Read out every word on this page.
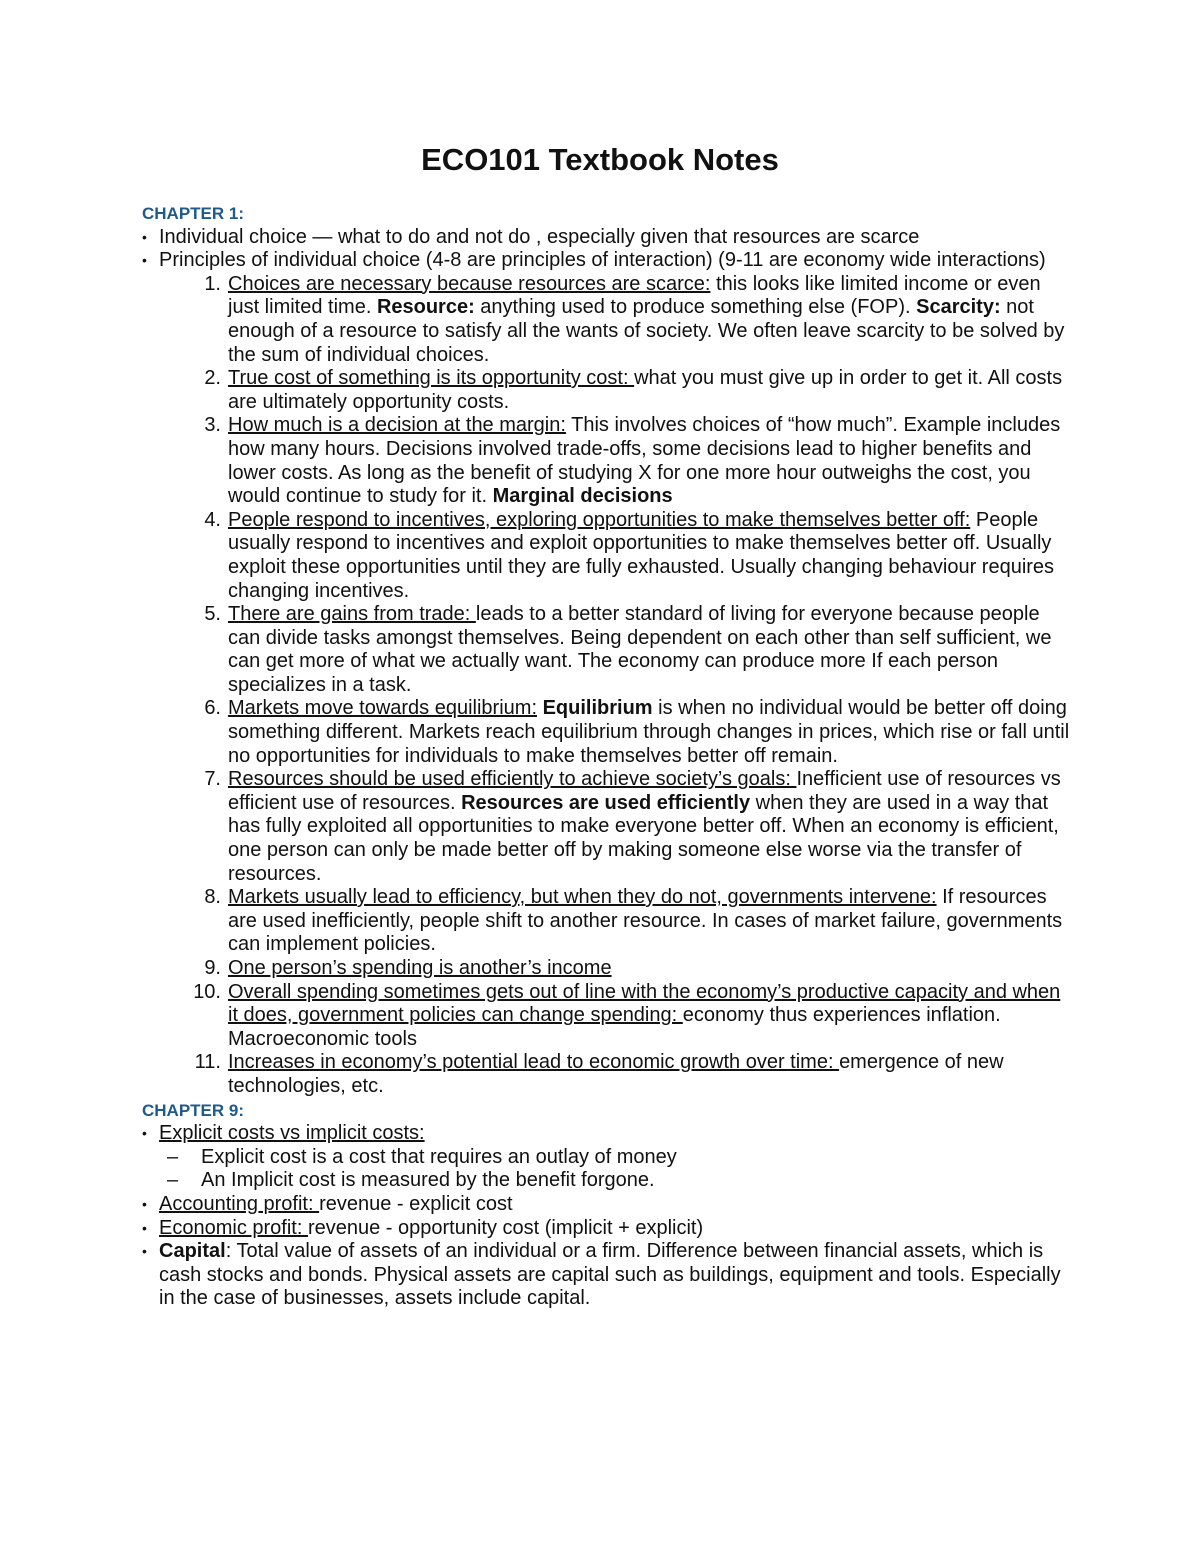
ECO101 Textbook Notes
CHAPTER 1:
• Individual choice — what to do and not do , especially given that resources are scarce
• Principles of individual choice (4-8 are principles of interaction) (9-11 are economy wide interactions)
1. Choices are necessary because resources are scarce: this looks like limited income or even just limited time. Resource: anything used to produce something else (FOP). Scarcity: not enough of a resource to satisfy all the wants of society. We often leave scarcity to be solved by the sum of individual choices.
2. True cost of something is its opportunity cost: what you must give up in order to get it. All costs are ultimately opportunity costs.
3. How much is a decision at the margin: This involves choices of “how much”. Example includes how many hours. Decisions involved trade-offs, some decisions lead to higher benefits and lower costs. As long as the benefit of studying X for one more hour outweighs the cost, you would continue to study for it. Marginal decisions
4. People respond to incentives, exploring opportunities to make themselves better off: People usually respond to incentives and exploit opportunities to make themselves better off. Usually exploit these opportunities until they are fully exhausted. Usually changing behaviour requires changing incentives.
5. There are gains from trade: leads to a better standard of living for everyone because people can divide tasks amongst themselves. Being dependent on each other than self sufficient, we can get more of what we actually want. The economy can produce more If each person specializes in a task.
6. Markets move towards equilibrium: Equilibrium is when no individual would be better off doing something different. Markets reach equilibrium through changes in prices, which rise or fall until no opportunities for individuals to make themselves better off remain.
7. Resources should be used efficiently to achieve society’s goals: Inefficient use of resources vs efficient use of resources. Resources are used efficiently when they are used in a way that has fully exploited all opportunities to make everyone better off. When an economy is efficient, one person can only be made better off by making someone else worse via the transfer of resources.
8. Markets usually lead to efficiency, but when they do not, governments intervene: If resources are used inefficiently, people shift to another resource. In cases of market failure, governments can implement policies.
9. One person’s spending is another’s income
10. Overall spending sometimes gets out of line with the economy’s productive capacity and when it does, government policies can change spending: economy thus experiences inflation. Macroeconomic tools
11. Increases in economy’s potential lead to economic growth over time: emergence of new technologies, etc.
CHAPTER 9:
• Explicit costs vs implicit costs:
– Explicit cost is a cost that requires an outlay of money
– An Implicit cost is measured by the benefit forgone.
• Accounting profit: revenue - explicit cost
• Economic profit: revenue - opportunity cost (implicit + explicit)
• Capital: Total value of assets of an individual or a firm. Difference between financial assets, which is cash stocks and bonds. Physical assets are capital such as buildings, equipment and tools. Especially in the case of businesses, assets include capital.
